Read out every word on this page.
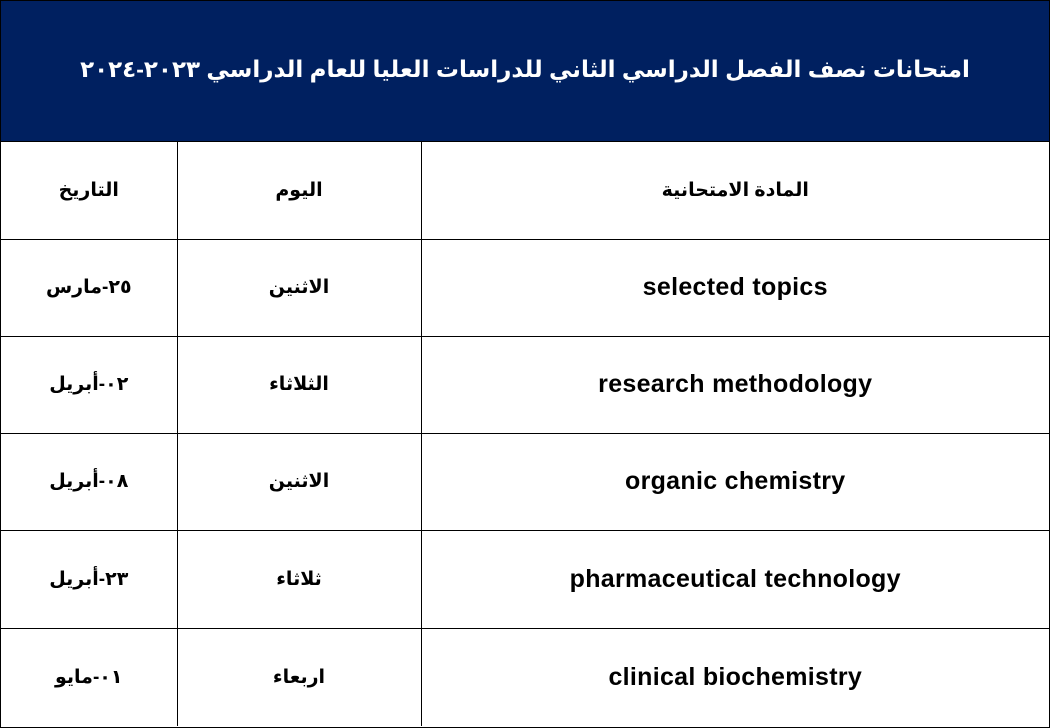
امتحانات نصف الفصل الدراسي الثاني للدراسات العليا للعام الدراسي ٢٠٢٣-٢٠٢٤
التاريخ	اليوم	المادة الامتحانية
٢٥-مارس	الاثنين	selected topics
٠٢-أبريل	الثلاثاء	research methodology
٠٨-أبريل	الاثنين	organic chemistry
٢٣-أبريل	ثلاثاء	pharmaceutical technology
٠١-مايو	اربعاء	clinical biochemistry
